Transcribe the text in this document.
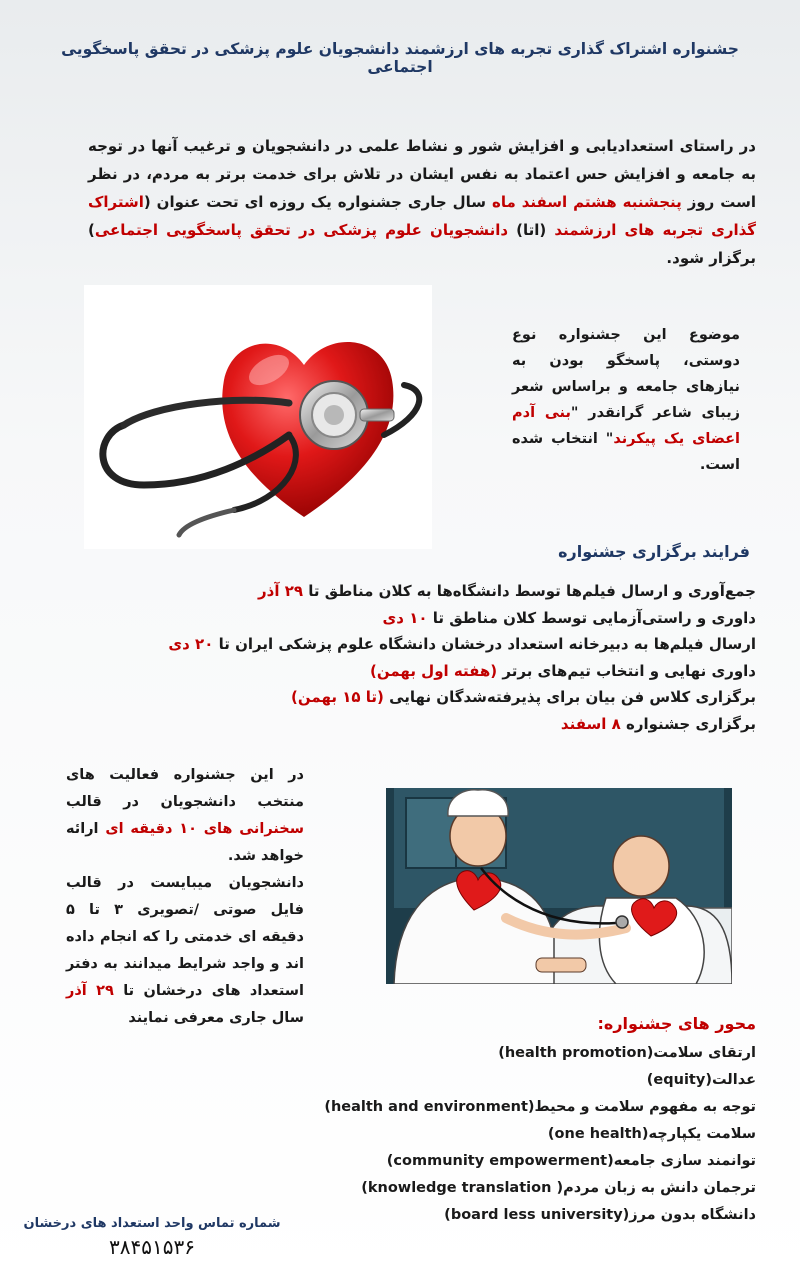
جشنواره اشتراک گذاری تجربه های ارزشمند دانشجویان علوم پزشکی در تحقق پاسخگویی اجتماعی
در راستای استعدادیابی و افزایش شور و نشاط علمی در دانشجویان و ترغیب آنها در توجه به جامعه و افزایش حس اعتماد به نفس ایشان در تلاش برای خدمت برتر به مردم، در نظر است روز پنجشنبه هشتم اسفند ماه سال جاری جشنواره یک روزه ای تحت عنوان (اشتراک گذاری تجربه های ارزشمند (اتا) دانشجویان علوم پزشکی در تحقق پاسخگویی اجتماعی) برگزار شود.
موضوع این جشنواره نوع دوستی، پاسخگو بودن به نیازهای جامعه و براساس شعر زیبای شاعر گرانقدر "بنی آدم اعضای یک پیکرند" انتخاب شده است.
فرایند برگزاری جشنواره
جمع‌آوری و ارسال فیلم‌ها توسط دانشگاه‌ها به کلان مناطق تا ۲۹ آذر
داوری و راستی‌آزمایی توسط کلان مناطق تا ۱۰ دی
ارسال فیلم‌ها به دبیرخانه استعداد درخشان دانشگاه علوم پزشکی ایران تا ۲۰ دی
داوری نهایی و انتخاب تیم‌های برتر (هفته اول بهمن)
برگزاری کلاس فن بیان برای پذیرفته‌شدگان نهایی (تا ۱۵ بهمن)
برگزاری جشنواره ۸ اسفند
در این جشنواره فعالیت های منتخب دانشجویان در قالب سخنرانی های ۱۰ دقیقه ای ارائه خواهد شد.
دانشجویان میبایست در قالب فایل صوتی /تصویری ۳ تا ۵ دقیقه ای خدمتی را که انجام داده اند و واجد شرایط میدانند به دفتر استعداد های درخشان تا ۲۹ آذر سال جاری معرفی نمایند	محور های جشنواره:
ارتقای سلامت(health promotion)
عدالت(equity)
توجه به مفهوم سلامت و محیط(health and environment)
سلامت یکپارچه(one health)
توانمند سازی جامعه(community empowerment)
ترجمان دانش به زبان مردم( knowledge translation)
دانشگاه بدون مرز(board less university)
شماره تماس واحد استعداد های درخشان
۳۸۴۵۱۵۳۶
